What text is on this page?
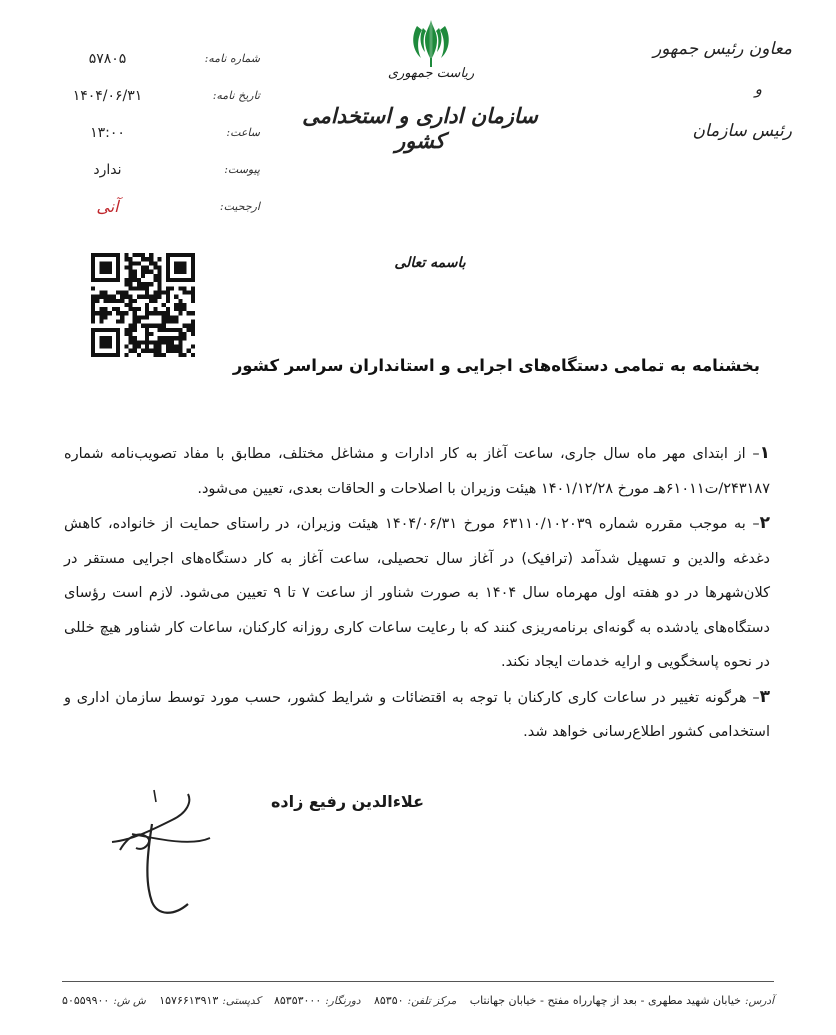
معاون رئیس جمهور
و
رئیس سازمان
ریاست جمهوری
سازمان اداری و استخدامی کشور
شماره نامه:
۵۷۸۰۵
تاریخ نامه:
۱۴۰۴/۰۶/۳۱
ساعت:
۱۳:۰۰
پیوست:
ندارد
ارجحیت:
آنی
باسمه تعالی
بخشنامه به تمامی دستگاه‌های اجرایی و استانداران سراسر کشور

۱– از ابتدای مهر ماه سال جاری، ساعت آغاز به کار ادارات و مشاغل مختلف، مطابق با مفاد تصویب‌نامه شماره ۲۴۳۱۸۷/ت۶۱۰۱۱هـ مورخ ۱۴۰۱/۱۲/۲۸ هیئت وزیران با اصلاحات و الحاقات بعدی، تعیین می‌شود.

۲– به موجب مقرره شماره ۶۳۱۱۰/۱۰۲۰۳۹ مورخ ۱۴۰۴/۰۶/۳۱ هیئت وزیران، در راستای حمایت از خانواده، کاهش دغدغه والدین و تسهیل شدآمد (ترافیک) در آغاز سال تحصیلی، ساعت آغاز به کار دستگاه‌های اجرایی مستقر در کلان‌شهرها در دو هفته اول مهرماه سال ۱۴۰۴ به صورت شناور از ساعت ۷ تا ۹ تعیین می‌شود. لازم است رؤسای دستگاه‌های یادشده به گونه‌ای برنامه‌ریزی کنند که با رعایت ساعات کاری روزانه کارکنان، ساعات کار شناور هیچ خللی در نحوه پاسخگویی و ارایه خدمات ایجاد نکند.

۳– هرگونه تغییر در ساعات کاری کارکنان با توجه به اقتضائات و شرایط کشور، حسب مورد توسط سازمان اداری و استخدامی کشور اطلاع‌رسانی خواهد شد.

علاءالدین رفیع زاده
آدرس:خیابان شهید مطهری - بعد از چهارراه مفتح - خیابان جهانتاب
مرکز تلفن:۸۵۳۵۰
دورنگار:۸۵۳۵۳۰۰۰
کدپستی:۱۵۷۶۶۱۳۹۱۳
ش ش:۵۰۵۵۹۹۰۰
